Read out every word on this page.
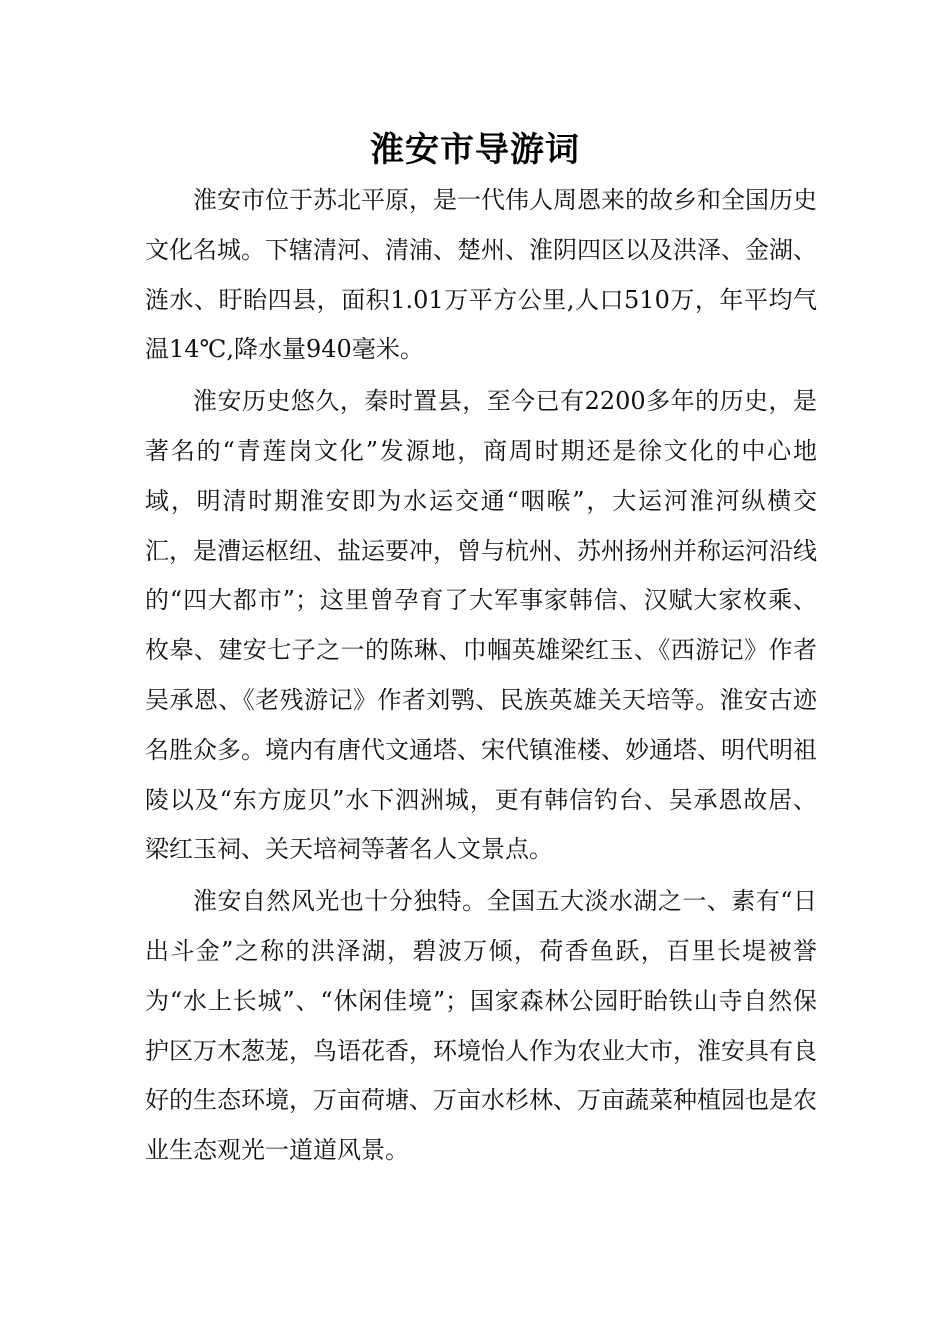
淮安市导游词

淮安市位于苏北平原，是一代伟人周恩来的故乡和全国历史文化名城。下辖清河、清浦、楚州、淮阴四区以及洪泽、金湖、涟水、盱眙四县，面积1.01万平方公里,人口510万，年平均气温14℃,降水量940毫米。

淮安历史悠久，秦时置县，至今已有2200多年的历史，是著名的“青莲岗文化”发源地，商周时期还是徐文化的中心地域，明清时期淮安即为水运交通“咽喉”，大运河淮河纵横交汇，是漕运枢纽、盐运要冲，曾与杭州、苏州扬州并称运河沿线的“四大都市”；这里曾孕育了大军事家韩信、汉赋大家枚乘、枚皋、建安七子之一的陈琳、巾帼英雄梁红玉、《西游记》作者吴承恩、《老残游记》作者刘鹗、民族英雄关天培等。淮安古迹名胜众多。境内有唐代文通塔、宋代镇淮楼、妙通塔、明代明祖陵以及“东方庞贝”水下泗洲城，更有韩信钓台、吴承恩故居、梁红玉祠、关天培祠等著名人文景点。

淮安自然风光也十分独特。全国五大淡水湖之一、素有“日出斗金”之称的洪泽湖，碧波万倾，荷香鱼跃，百里长堤被誉为“水上长城”、“休闲佳境”；国家森林公园盱眙铁山寺自然保护区万木葱茏，鸟语花香，环境怡人作为农业大市，淮安具有良好的生态环境，万亩荷塘、万亩水杉林、万亩蔬菜种植园也是农业生态观光一道道风景。
